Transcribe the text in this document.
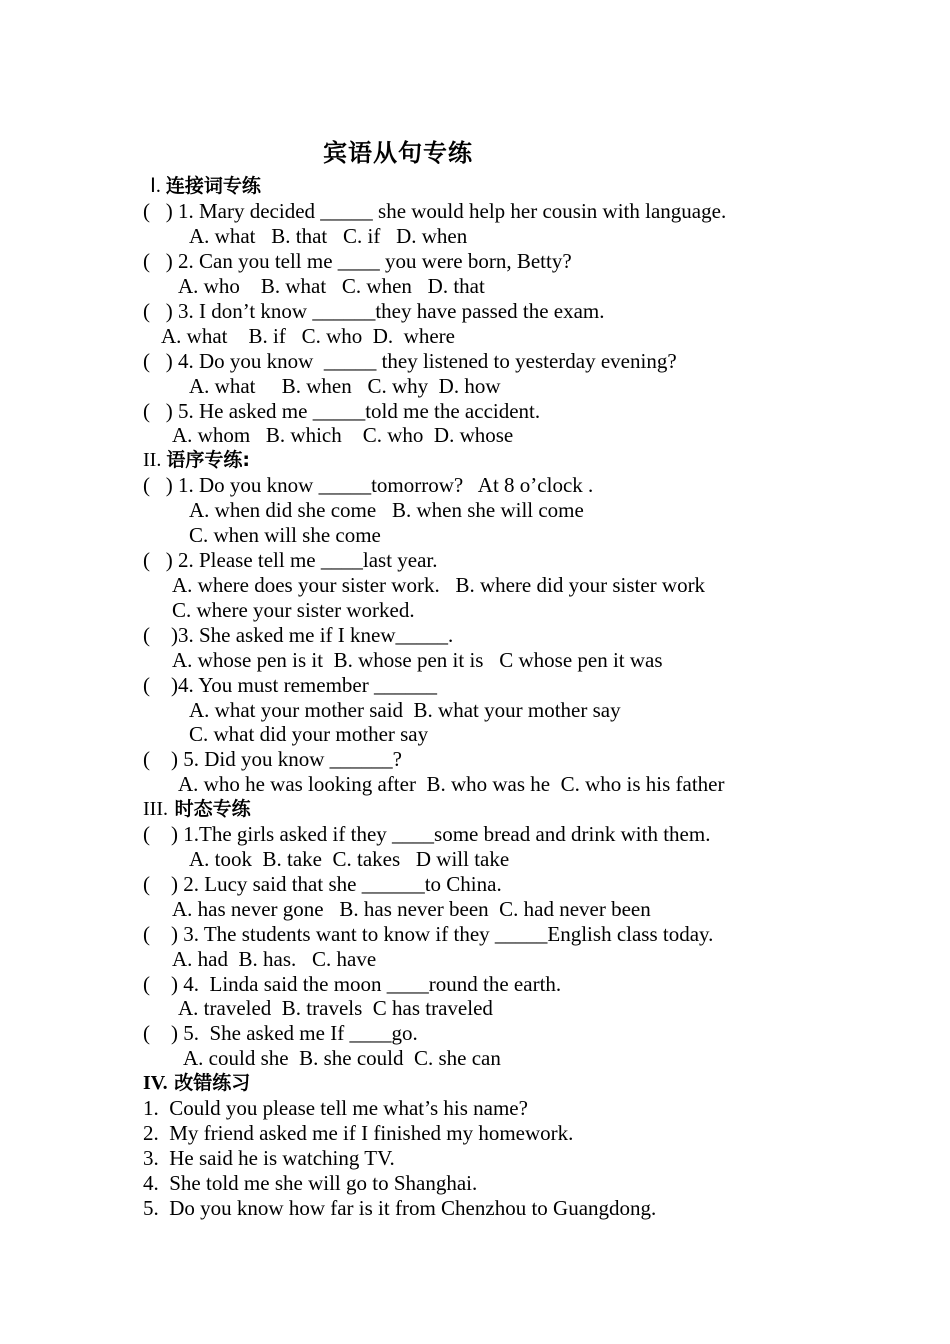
宾语从句专练
Ⅰ. 连接词专练
(   ) 1. Mary decided _____ she would help her cousin with language.
A. what   B. that   C. if   D. when
(   ) 2. Can you tell me ____ you were born, Betty?
A. who    B. what   C. when   D. that
(   ) 3. I don’t know ______they have passed the exam.
A. what    B. if   C. who  D.  where
(   ) 4. Do you know  _____ they listened to yesterday evening?
A. what     B. when   C. why  D. how
(   ) 5. He asked me _____told me the accident.
A. whom   B. which    C. who  D. whose
II. 语序专练:
(   ) 1. Do you know _____tomorrow?   At 8 o’clock .
A. when did she come   B. when she will come
C. when will she come
(   ) 2. Please tell me ____last year.
A. where does your sister work.   B. where did your sister work
C. where your sister worked.
(    )3. She asked me if I knew_____.
A. whose pen is it  B. whose pen it is   C whose pen it was
(    )4. You must remember ______
A. what your mother said  B. what your mother say
C. what did your mother say
(    ) 5. Did you know ______?
A. who he was looking after  B. who was he  C. who is his father
III. 时态专练
(    ) 1.The girls asked if they ____some bread and drink with them.
A. took  B. take  C. takes   D will take
(    ) 2. Lucy said that she ______to China.
A. has never gone   B. has never been  C. had never been
(    ) 3. The students want to know if they _____English class today.
A. had  B. has.   C. have
(    ) 4.  Linda said the moon ____round the earth.
A. traveled  B. travels  C has traveled
(    ) 5.  She asked me If ____go.
A. could she  B. she could  C. she can
IV. 改错练习
1.  Could you please tell me what’s his name?
2.  My friend asked me if I finished my homework.
3.  He said he is watching TV.
4.  She told me she will go to Shanghai.
5.  Do you know how far is it from Chenzhou to Guangdong.
